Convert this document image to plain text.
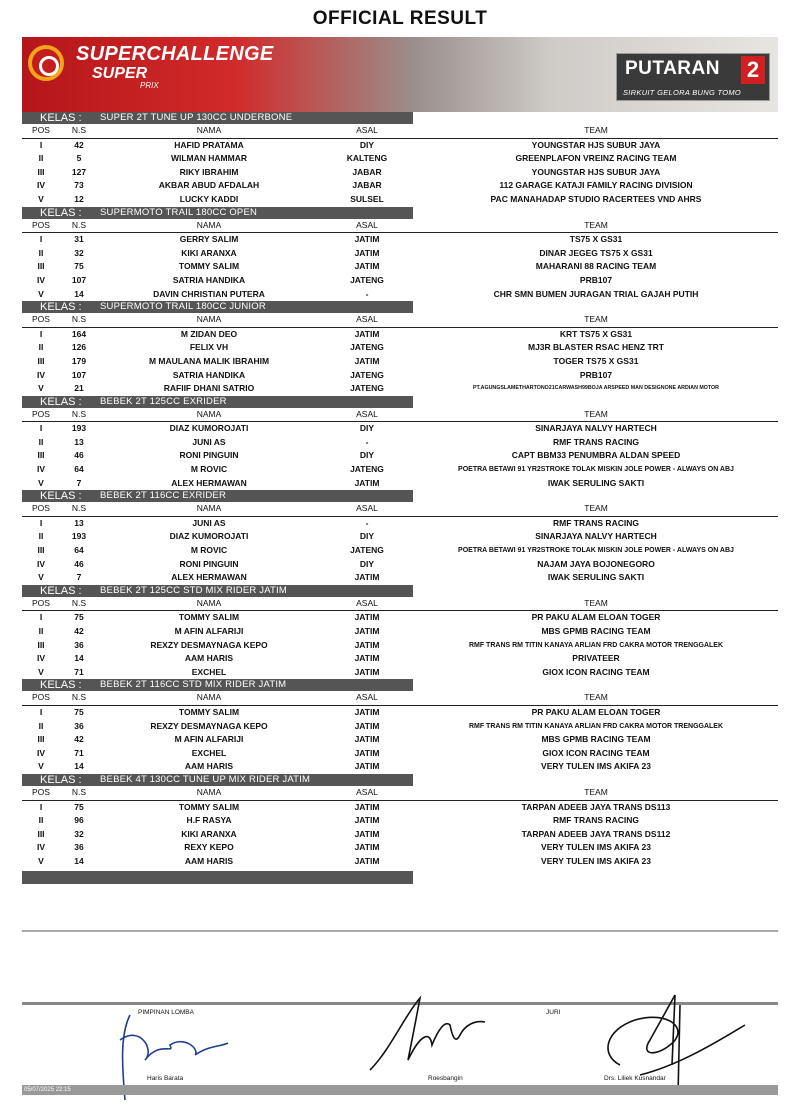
OFFICIAL RESULT
SUPERCHALLENGE
SUPER
PRIX
PUTARAN 2
SIRKUIT GELORA BUNG TOMO
KELAS : SUPER 2T TUNE UP 130CC UNDERBONE
POS	N.S	NAMA	ASAL	TEAM
I	42	HAFID PRATAMA	DIY	YOUNGSTAR HJS SUBUR JAYA
II	5	WILMAN HAMMAR	KALTENG	GREENPLAFON VREINZ RACING TEAM
III	127	RIKY IBRAHIM	JABAR	YOUNGSTAR HJS SUBUR JAYA
IV	73	AKBAR ABUD AFDALAH	JABAR	112 GARAGE KATAJI FAMILY RACING DIVISION
V	12	LUCKY KADDI	SULSEL	PAC MANAHADAP STUDIO RACERTEES VND AHRS
KELAS : SUPERMOTO TRAIL 180CC OPEN
POS	N.S	NAMA	ASAL	TEAM
I	31	GERRY SALIM	JATIM	TS75 X GS31
II	32	KIKI ARANXA	JATIM	DINAR JEGEG TS75 X GS31
III	75	TOMMY SALIM	JATIM	MAHARANI 88 RACING TEAM
IV	107	SATRIA HANDIKA	JATENG	PRB107
V	14	DAVIN CHRISTIAN PUTERA	-	CHR SMN BUMEN JURAGAN TRIAL GAJAH PUTIH
KELAS : SUPERMOTO TRAIL 180CC JUNIOR
POS	N.S	NAMA	ASAL	TEAM
I	164	M ZIDAN DEO	JATIM	KRT TS75 X GS31
II	126	FELIX VH	JATENG	MJ3R BLASTER RSAC HENZ TRT
III	179	M MAULANA MALIK IBRAHIM	JATIM	TOGER TS75 X GS31
IV	107	SATRIA HANDIKA	JATENG	PRB107
V	21	RAFIIF DHANI SATRIO	JATENG	PT.AGUNGSLAMETHARTONO21CARWASH99BOJA ARSPEED MAN DESIGNONE ARDIAN MOTOR
KELAS : BEBEK 2T 125CC EXRIDER
POS	N.S	NAMA	ASAL	TEAM
I	193	DIAZ KUMOROJATI	DIY	SINARJAYA NALVY HARTECH
II	13	JUNI AS	-	RMF TRANS RACING
III	46	RONI PINGUIN	DIY	CAPT BBM33 PENUMBRA ALDAN SPEED
IV	64	M ROVIC	JATENG	POETRA BETAWI 91 YR2STROKE TOLAK MISKIN JOLE POWER - ALWAYS ON ABJ
V	7	ALEX HERMAWAN	JATIM	IWAK SERULING SAKTI
KELAS : BEBEK 2T 116CC EXRIDER
POS	N.S	NAMA	ASAL	TEAM
I	13	JUNI AS	-	RMF TRANS RACING
II	193	DIAZ KUMOROJATI	DIY	SINARJAYA NALVY HARTECH
III	64	M ROVIC	JATENG	POETRA BETAWI 91 YR2STROKE TOLAK MISKIN JOLE POWER - ALWAYS ON ABJ
IV	46	RONI PINGUIN	DIY	NAJAM JAYA BOJONEGORO
V	7	ALEX HERMAWAN	JATIM	IWAK SERULING SAKTI
KELAS : BEBEK 2T 125CC STD MIX RIDER JATIM
POS	N.S	NAMA	ASAL	TEAM
I	75	TOMMY SALIM	JATIM	PR PAKU ALAM ELOAN TOGER
II	42	M AFIN ALFARIJI	JATIM	MBS GPMB RACING TEAM
III	36	REXZY DESMAYNAGA KEPO	JATIM	RMF TRANS RM TITIN KANAYA ARLIAN FRD CAKRA MOTOR TRENGGALEK
IV	14	AAM HARIS	JATIM	PRIVATEER
V	71	EXCHEL	JATIM	GIOX ICON RACING TEAM
KELAS : BEBEK 2T 116CC STD MIX RIDER JATIM
POS	N.S	NAMA	ASAL	TEAM
I	75	TOMMY SALIM	JATIM	PR PAKU ALAM ELOAN TOGER
II	36	REXZY DESMAYNAGA KEPO	JATIM	RMF TRANS RM TITIN KANAYA ARLIAN FRD CAKRA MOTOR TRENGGALEK
III	42	M AFIN ALFARIJI	JATIM	MBS GPMB RACING TEAM
IV	71	EXCHEL	JATIM	GIOX ICON RACING TEAM
V	14	AAM HARIS	JATIM	VERY TULEN IMS AKIFA 23
KELAS : BEBEK 4T 130CC TUNE UP MIX RIDER JATIM
POS	N.S	NAMA	ASAL	TEAM
I	75	TOMMY SALIM	JATIM	TARPAN ADEEB JAYA TRANS DS113
II	96	H.F RASYA	JATIM	RMF TRANS RACING
III	32	KIKI ARANXA	JATIM	TARPAN ADEEB JAYA TRANS DS112
IV	36	REXY KEPO	JATIM	VERY TULEN IMS AKIFA 23
V	14	AAM HARIS	JATIM	VERY TULEN IMS AKIFA 23
PIMPINAN LOMBA
Haris Barata	Roesbangin
JURI
Drs. Liliek Kusnandar
05/07/2025 22:15
